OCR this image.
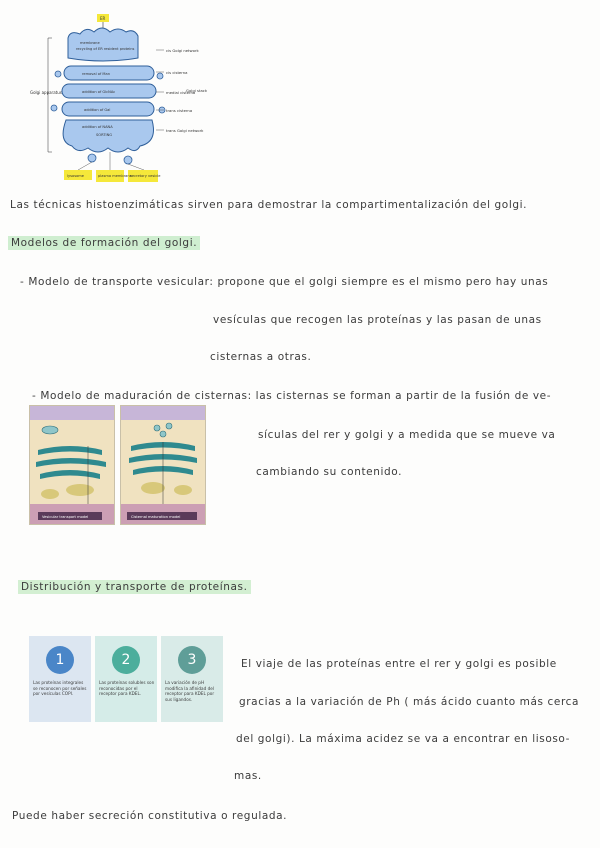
membrane
recycling of ER resident proteins
removal of Man
addition of GlcNAc
addition of Gal
addition of NANA
SORTING
Golgi apparatus
cis Golgi network
cis cisterna
Golgi stack
medial cisterna
trans cisterna
trans Golgi network
lysosome	plasma membrane
secretory vesicle
ER
Las técnicas histoenzimáticas sirven para demostrar la compartimentalización del golgi.
Modelos de formación del golgi.
- Modelo de transporte vesicular: propone que el golgi siempre es el mismo pero hay unas
vesículas que recogen las proteínas y las pasan de unas
cisternas a otras.
- Modelo de maduración de cisternas: las cisternas se forman a partir de la fusión de ve-
sículas del rer y golgi y a medida que se mueve va
cambiando su contenido.
Vesicular transport model	Cisternal maturation model
Distribución y transporte de proteínas.
1
Las proteínas integrales se reconocen por señales por vesículas COPI.
2
Las proteínas solubles son reconocidas por el receptor para KDEL.
3
La variación de pH modifica la afinidad del receptor para KDEL por sus ligandos.
El viaje de las proteínas entre el rer y golgi es posible
gracias a la variación de Ph ( más ácido cuanto más cerca
del golgi). La máxima acidez se va a encontrar en lisoso-
mas.
Puede haber secreción constitutiva o regulada.
